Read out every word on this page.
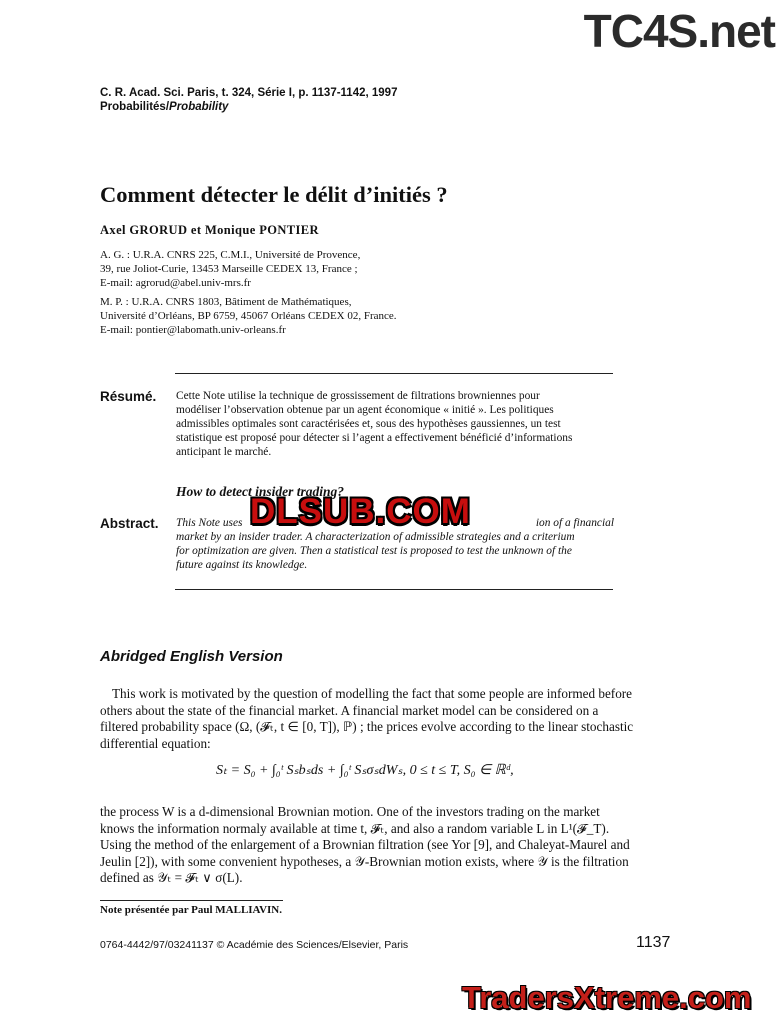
TC4S.net
C. R. Acad. Sci. Paris, t. 324, Série I, p. 1137-1142, 1997
Probabilités/Probability
Comment détecter le délit d’initiés ?
Axel GRORUD et Monique PONTIER
A. G. : U.R.A. CNRS 225, C.M.I., Université de Provence,
39, rue Joliot-Curie, 13453 Marseille CEDEX 13, France ;
E-mail: agrorud@abel.univ-mrs.fr
M. P. : U.R.A. CNRS 1803, Bâtiment de Mathématiques,
Université d’Orléans, BP 6759, 45067 Orléans CEDEX 02, France.
E-mail: pontier@labomath.univ-orleans.fr
Résumé. Cette Note utilise la technique de grossissement de filtrations browniennes pour
modéliser l’observation obtenue par un agent économique « initié ». Les politiques
admissibles optimales sont caractérisées et, sous des hypothèses gaussiennes, un test
statistique est proposé pour détecter si l’agent a effectivement bénéficié d’informations
anticipant le marché.
How to detect insider trading?
Abstract. This Note uses	ion of a financial
market by an insider trader. A characterization of admissible strategies and a criterium
for optimization are given. Then a statistical test is proposed to test the unknown of the
future against its knowledge.
DLSUB.COM
Abridged English Version
This work is motivated by the question of modelling the fact that some people are informed before
others about the state of the financial market. A financial market model can be considered on a
filtered probability space (Ω, (𝓕ₜ, t ∈ [0, T]), ℙ) ; the prices evolve according to the linear stochastic
differential equation:
Sₜ = S₀ + ∫₀ᵗ Sₛbₛds + ∫₀ᵗ SₛσₛdWₛ, 0 ≤ t ≤ T, S₀ ∈ ℝᵈ,
the process W is a d-dimensional Brownian motion. One of the investors trading on the market
knows the information normaly available at time t, 𝓕ₜ, and also a random variable L in L¹(𝓕_T).
Using the method of the enlargement of a Brownian filtration (see Yor [9], and Chaleyat-Maurel and
Jeulin [2]), with some convenient hypotheses, a 𝒴-Brownian motion exists, where 𝒴 is the filtration
defined as 𝒴ₜ = 𝓕ₜ ∨ σ(L).
Note présentée par Paul MALLIAVIN.
0764-4442/97/03241137 © Académie des Sciences/Elsevier, Paris	1137
TradersXtreme.com
